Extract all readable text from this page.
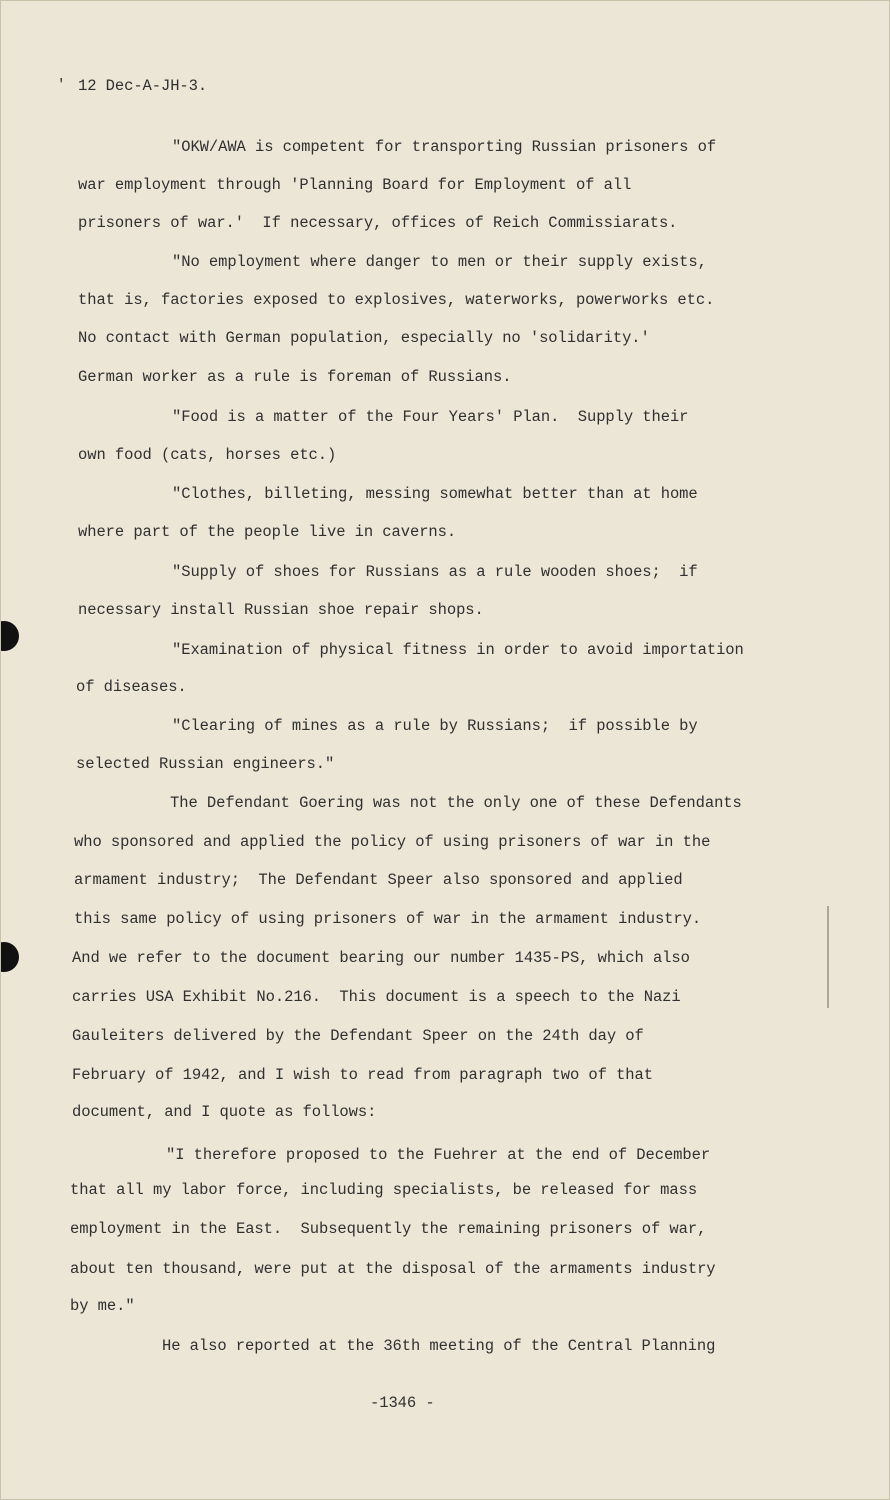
' 12 Dec-A-JH-3.
"OKW/AWA is competent for transporting Russian prisoners of
war employment through 'Planning Board for Employment of all
prisoners of war.'  If necessary, offices of Reich Commissiarats.
"No employment where danger to men or their supply exists,
that is, factories exposed to explosives, waterworks, powerworks etc.
No contact with German population, especially no 'solidarity.'
German worker as a rule is foreman of Russians.
"Food is a matter of the Four Years' Plan.  Supply their
own food (cats, horses etc.)
"Clothes, billeting, messing somewhat better than at home
where part of the people live in caverns.
"Supply of shoes for Russians as a rule wooden shoes;  if
necessary install Russian shoe repair shops.
"Examination of physical fitness in order to avoid importation
of diseases.
"Clearing of mines as a rule by Russians;  if possible by
selected Russian engineers."
The Defendant Goering was not the only one of these Defendants
who sponsored and applied the policy of using prisoners of war in the
armament industry;  The Defendant Speer also sponsored and applied
this same policy of using prisoners of war in the armament industry.
And we refer to the document bearing our number 1435-PS, which also
carries USA Exhibit No.216.  This document is a speech to the Nazi
Gauleiters delivered by the Defendant Speer on the 24th day of
February of 1942, and I wish to read from paragraph two of that
document, and I quote as follows:
"I therefore proposed to the Fuehrer at the end of December
that all my labor force, including specialists, be released for mass
employment in the East.  Subsequently the remaining prisoners of war,
about ten thousand, were put at the disposal of the armaments industry
by me."
He also reported at the 36th meeting of the Central Planning
-1346 -
